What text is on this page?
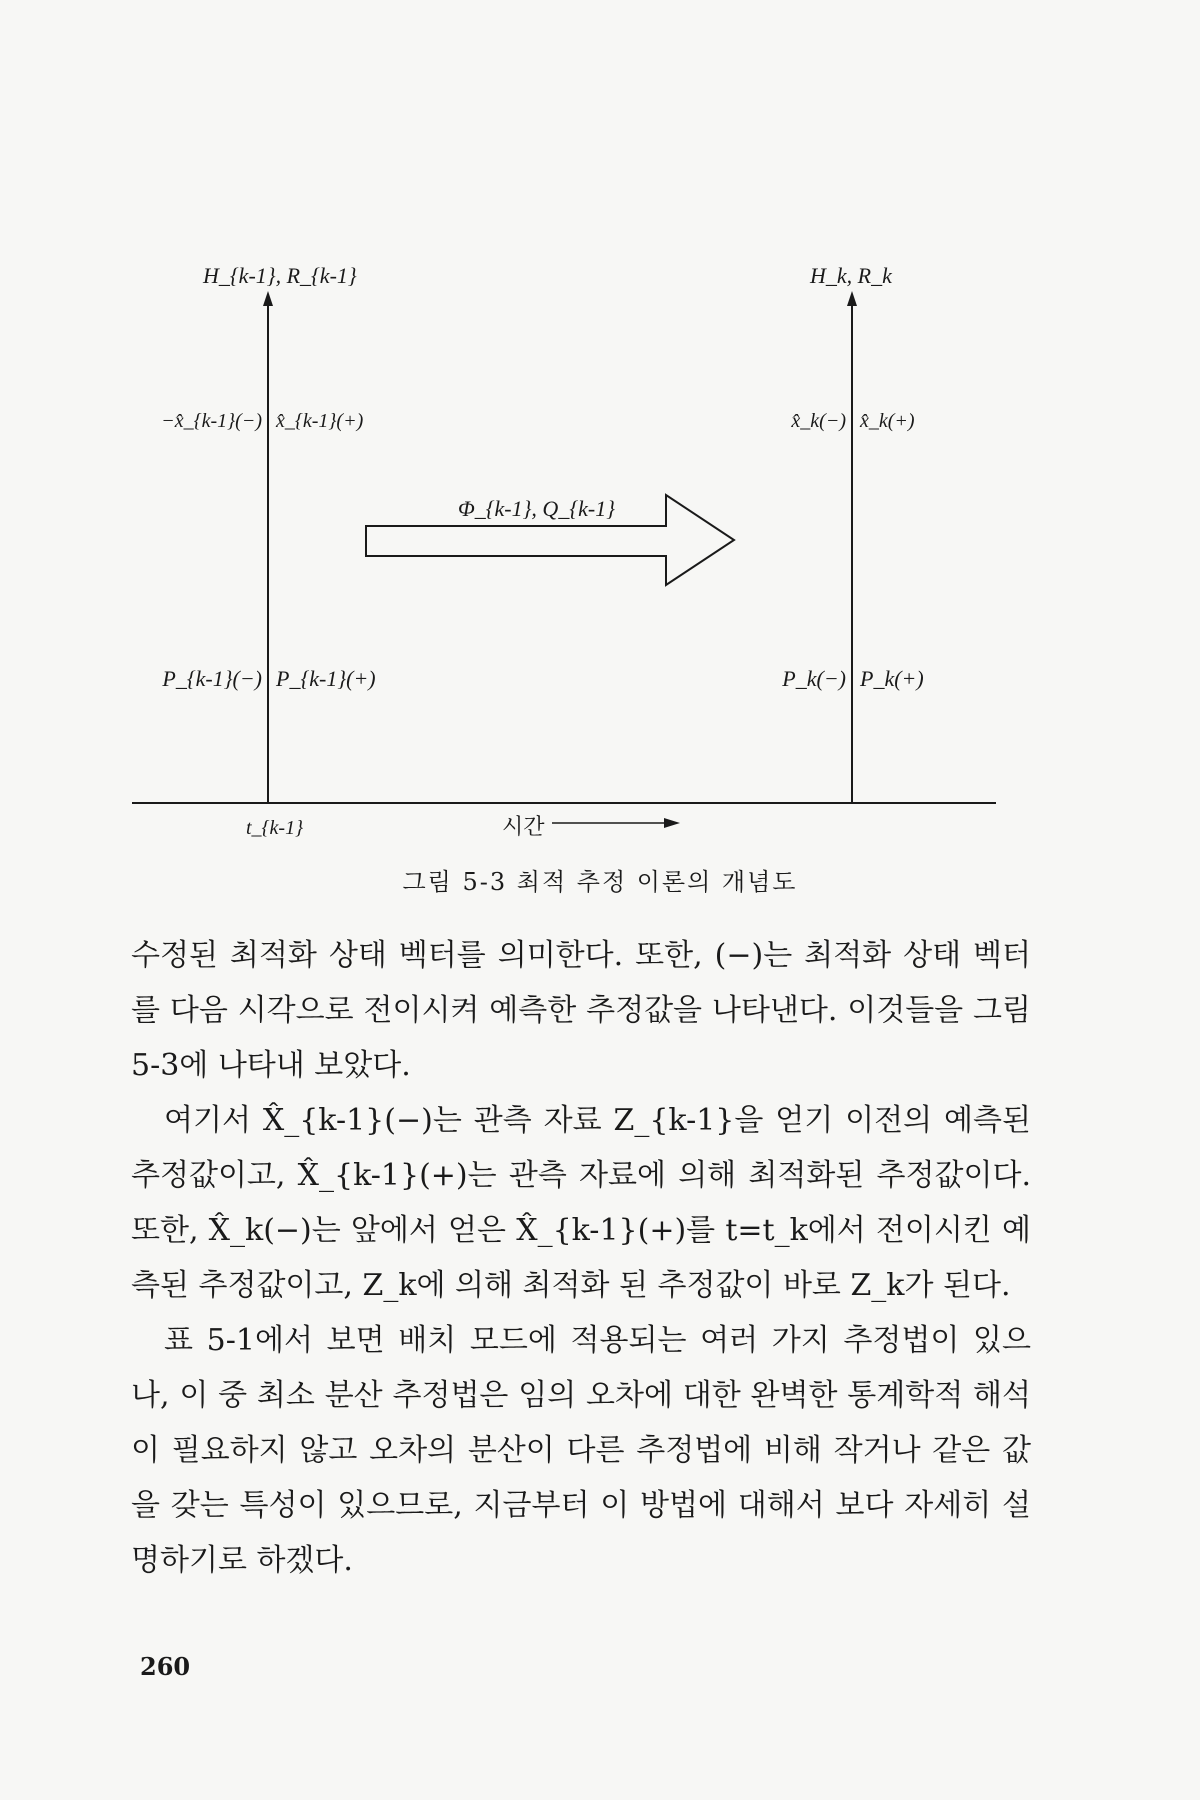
H_{k-1}, R_{k-1}	H_k, R_k
−x̂_{k-1}(−) x̂_{k-1}(+)	x̂_k(−) x̂_k(+)
Φ_{k-1}, Q_{k-1}
P_{k-1}(−) P_{k-1}(+)	P_k(−) P_k(+)
t_{k-1}	시간
그림 5-3 최적 추정 이론의 개념도

수정된 최적화 상태 벡터를 의미한다. 또한, (−)는 최적화 상태 벡터를 다음 시각으로 전이시켜 예측한 추정값을 나타낸다. 이것들을 그림 5-3에 나타내 보았다.

여기서 X̂_{k-1}(−)는 관측 자료 Z_{k-1}을 얻기 이전의 예측된 추정값이고, X̂_{k-1}(+)는 관측 자료에 의해 최적화된 추정값이다. 또한, X̂_k(−)는 앞에서 얻은 X̂_{k-1}(+)를 t=t_k에서 전이시킨 예측된 추정값이고, Z_k에 의해 최적화 된 추정값이 바로 Z_k가 된다.

표 5-1에서 보면 배치 모드에 적용되는 여러 가지 추정법이 있으나, 이 중 최소 분산 추정법은 임의 오차에 대한 완벽한 통계학적 해석이 필요하지 않고 오차의 분산이 다른 추정법에 비해 작거나 같은 값을 갖는 특성이 있으므로, 지금부터 이 방법에 대해서 보다 자세히 설명하기로 하겠다.

260
